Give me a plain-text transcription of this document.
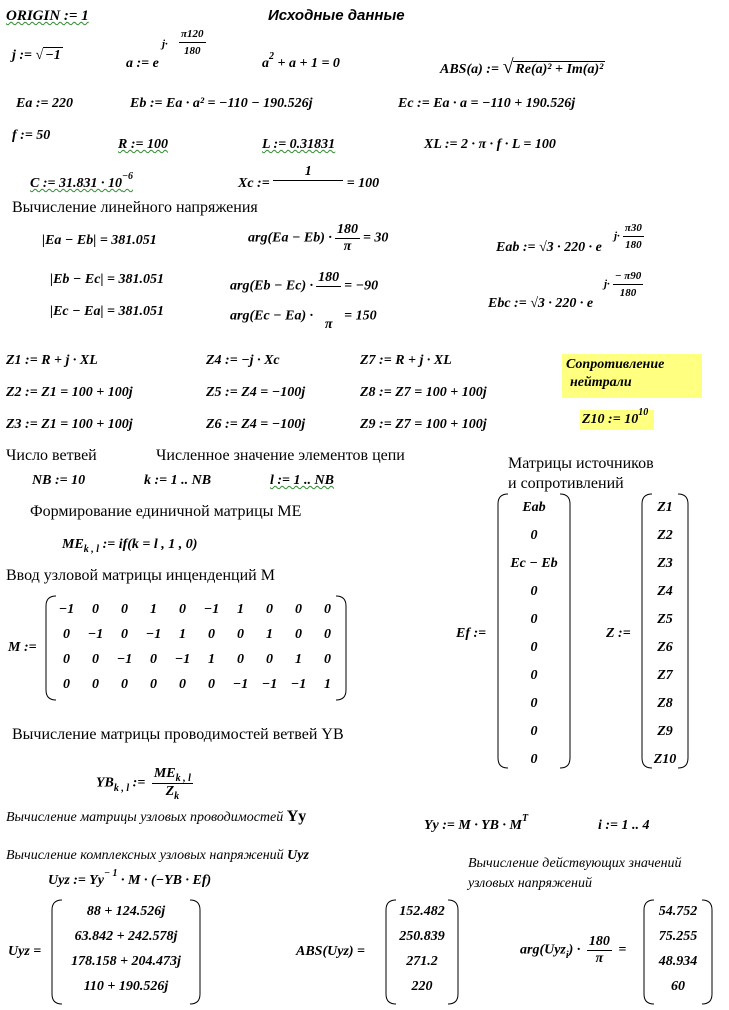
ORIGIN := 1	Исходные данные
j := √ −1
a := e
$j\cdot \frac{\pi 120}{180}$
$a^2 + a + 1 = 0$	ABS(a) := √ Re(a)² + Im(a)²
Ea := 220	Eb := Ea · a² = −110 − 190.526j	Ec := Ea · a = −110 + 190.526j
f := 50
R := 100	L := 0.31831	XL := 2 · π · f · L = 100
C := $31.831 \cdot 10^{-6}$	Xc := 1 = 100
Вычисление линейного напряжения
|Ea − Eb| = 381.051
|Eb − Ec| = 381.051
|Ec − Ea| = 381.051
$arg(Ea - Eb) \cdot \frac{180}{\pi} = 30$
arg(Eb − Ec) ·
180
= −90
arg(Ec − Ea) ·
π
= 150
Eab := √3 · 220 · e
$j\cdot \frac{\pi 30}{180}$
Ebc := √3 · 220 · e
$j\cdot \frac{- \pi 90}{180}$
Z1 := R + j · XL
Z2 := Z1 = 100 + 100j
Z3 := Z1 = 100 + 100j
Z4 := −j · Xc
Z5 := Z4 = −100j
Z6 := Z4 = −100j
Z7 := R + j · XL
Z8 := Z7 = 100 + 100j
Z9 := Z7 = 100 + 100j
Сопротивление
нейтрали
Z10 := $10^{10}$
Число ветвей	Численное значение элементов цепи
NB := 10	k := 1 .. NB	l := 1 .. NB
Матрицы источников
и сопротивлений
Формирование единичной матрицы ME
$ME_{k , l}$ := if(k = l , 1 , 0)
Ввод узловой матрицы инценденций M
M :=
−1	0	0	1	0	−1	1	0	0	0
0	−1	0	−1	1	0	0	1	0	0
0	0	−1	0	−1	1	0	0	1	0
0	0	0	0	0	0	−1 −1 −1	1
Ef :=
Eab
0
Ec − Eb
0
0
0
0
0
0
0
Z :=
Z1
Z2
Z3
Z4
Z5
Z6
Z7
Z8
Z9
Z10
Вычисление матрицы проводимостей ветвей YB
$YB_{k , l}$ := $\frac{ME_{k , l}}{Z_k}$
Вычисление матрицы узловых проводимостей Yy
Yy := M · YB · $M^T$	i := 1 .. 4
Вычисление комплексных узловых напряжений Uyz
Uyz := $Yy^{- 1} \cdot M \cdot (-YB \cdot Ef)$
Вычисление действующих значений
узловых напряжений
Uyz =
88 + 124.526j
63.842 + 242.578j
178.158 + 204.473j
110 + 190.526j
ABS(Uyz) =
152.482
250.839
271.2
220
$arg(Uyz_i) \cdot \frac{180}{\pi}$ =
54.752
75.255
48.934
60
